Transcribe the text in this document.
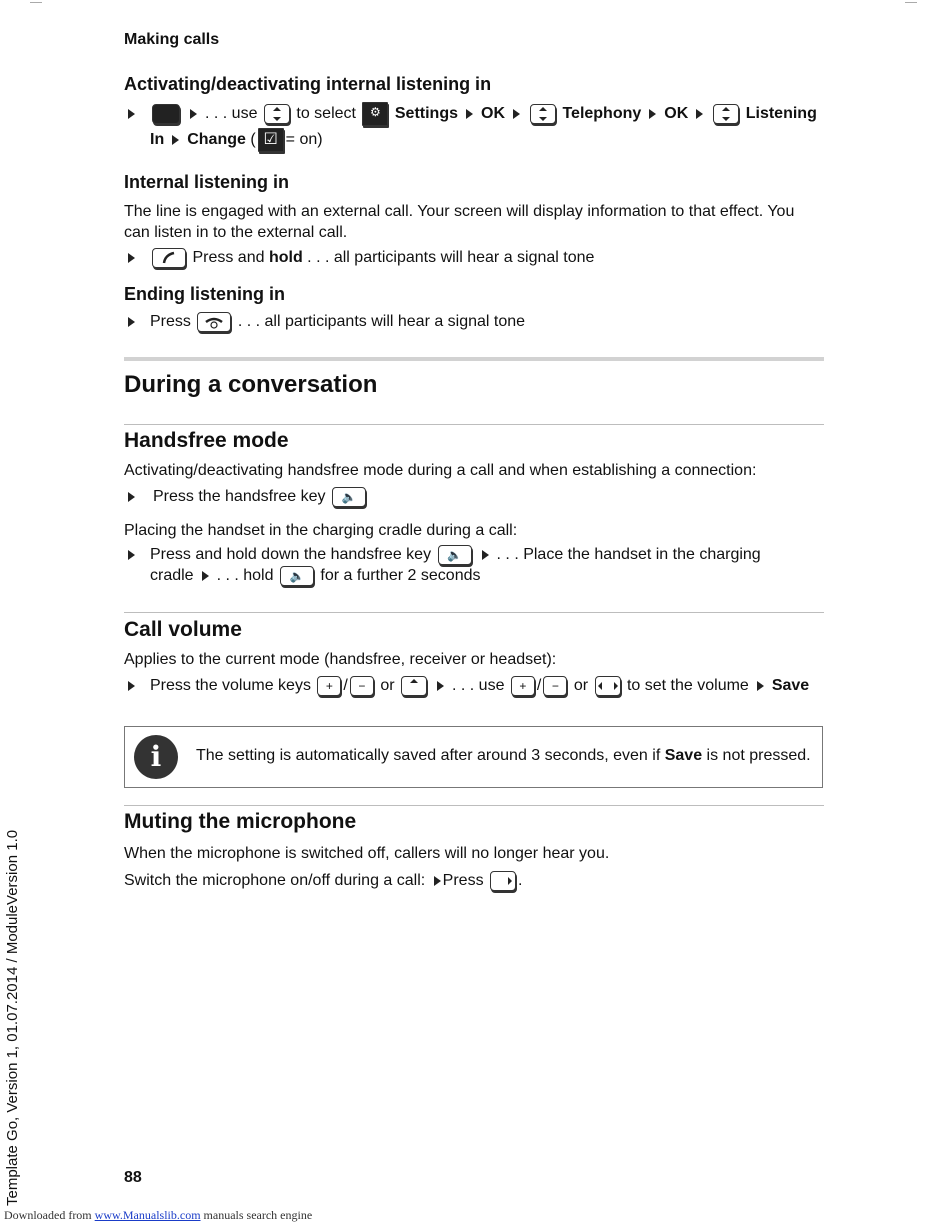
Making calls
Activating/deactivating internal listening in
. . . use to select ⚙ Settings OK	Telephony OK	Listening
In Change ( ☑ = on)
Internal listening in

The line is engaged with an external call. Your screen will display information to that effect. You can listen in to the external call.

Press and hold . . . all participants will hear a signal tone
Ending listening in
Press	. . . all participants will hear a signal tone
During a conversation
Handsfree mode

Activating/deactivating handsfree mode during a call and when establishing a connection:

Press the handsfree key 🔈

Placing the handset in the charging cradle during a call:

Press and hold down the handsfree key 🔈 . . . Place the handset in the charging
cradle . . . hold 🔈 for a further 2 seconds
Call volume

Applies to the current mode (handsfree, receiver or headset):

Press the volume keys + / − or	. . . use + / − or to set the volume Save
i	The setting is automatically saved after around 3 seconds, even if Save is not pressed.
Muting the microphone

When the microphone is switched off, callers will no longer hear you.

Switch the microphone on/off during a call: Press .
88
Template Go, Version 1, 01.07.2014 / ModuleVersion 1.0
Downloaded from www.Manualslib.com manuals search engine
